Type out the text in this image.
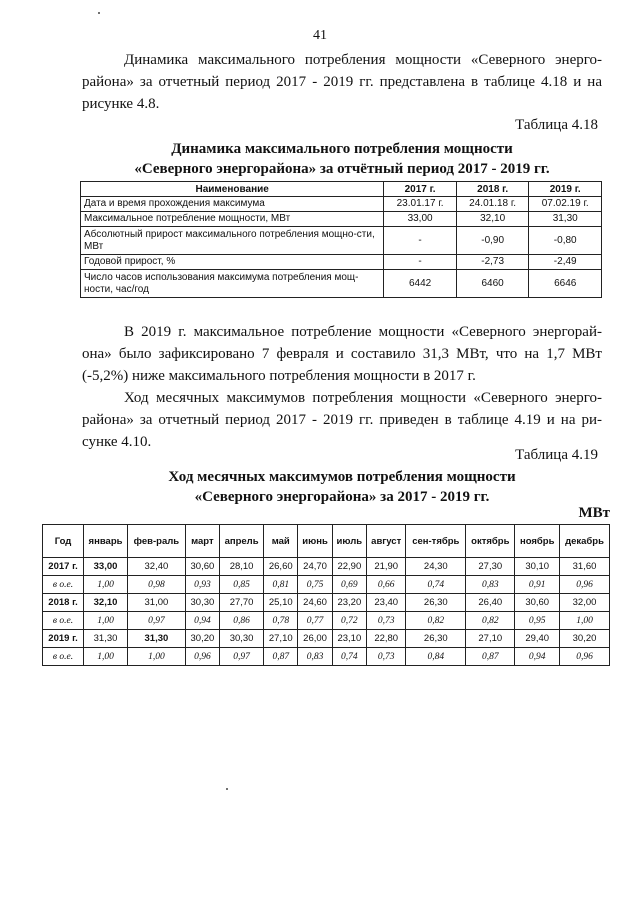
41

Динамика максимального потребления мощности «Северного энерго-района» за отчетный период 2017 - 2019 гг. представлена в таблице 4.18 и на рисунке 4.8.

Таблица 4.18
Динамика максимального потребления мощности
«Северного энергорайона» за отчётный период 2017 - 2019 гг.
Наименование	2017 г.	2018 г.	2019 г.
Дата и время прохождения максимума	23.01.17 г.	24.01.18 г.	07.02.19 г.
Максимальное потребление мощности, МВт	33,00	32,10	31,30
Абсолютный прирост максимального потребления мощно-сти, МВт	-	-0,90	-0,80
Годовой прирост, %	-	-2,73	-2,49
Число часов использования максимума потребления мощ-ности, час/год	6442	6460	6646

В 2019 г. максимальное потребление мощности «Северного энергорай-она» было зафиксировано 7 февраля и составило 31,3 МВт, что на 1,7 МВт (-5,2%) ниже максимального потребления мощности в 2017 г.

Ход месячных максимумов потребления мощности «Северного энерго-района» за отчетный период 2017 - 2019 гг. приведен в таблице 4.19 и на ри-сунке 4.10.

Таблица 4.19
Ход месячных максимумов потребления мощности
«Северного энергорайона» за 2017 - 2019 гг.
МВт
Год	январь	фев-раль	март	апрель	май	июнь	июль	август	сен-тябрь	октябрь	ноябрь	декабрь
2017 г.	33,00	32,40	30,60	28,10	26,60	24,70	22,90	21,90	24,30	27,30	30,10	31,60
в о.е.	1,00	0,98	0,93	0,85	0,81	0,75	0,69	0,66	0,74	0,83	0,91	0,96
2018 г.	32,10	31,00	30,30	27,70	25,10	24,60	23,20	23,40	26,30	26,40	30,60	32,00
в о.е.	1,00	0,97	0,94	0,86	0,78	0,77	0,72	0,73	0,82	0,82	0,95	1,00
2019 г.	31,30	31,30	30,20	30,30	27,10	26,00	23,10	22,80	26,30	27,10	29,40	30,20
в о.е.	1,00	1,00	0,96	0,97	0,87	0,83	0,74	0,73	0,84	0,87	0,94	0,96
